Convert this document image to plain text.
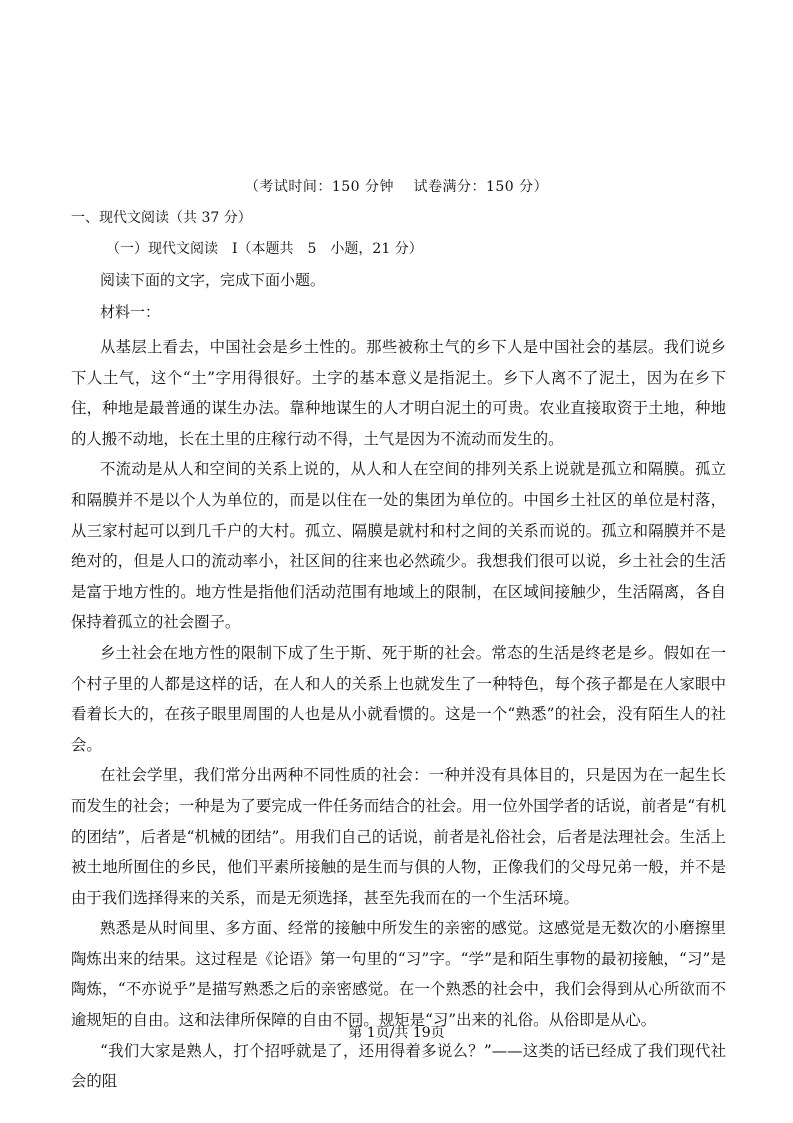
（考试时间：150 分钟　 试卷满分：150 分）
一、现代文阅读（共 37 分）
（一）现代文阅读　Ⅰ（本题共　5　小题，21 分）
阅读下面的文字，完成下面小题。
材料一：

从基层上看去，中国社会是乡土性的。那些被称土气的乡下人是中国社会的基层。我们说乡下人土气，这个“土”字用得很好。土字的基本意义是指泥土。乡下人离不了泥土，因为在乡下住，种地是最普通的谋生办法。靠种地谋生的人才明白泥土的可贵。农业直接取资于土地，种地的人搬不动地，长在土里的庄稼行动不得，土气是因为不流动而发生的。

不流动是从人和空间的关系上说的，从人和人在空间的排列关系上说就是孤立和隔膜。孤立和隔膜并不是以个人为单位的，而是以住在一处的集团为单位的。中国乡土社区的单位是村落，从三家村起可以到几千户的大村。孤立、隔膜是就村和村之间的关系而说的。孤立和隔膜并不是绝对的，但是人口的流动率小，社区间的往来也必然疏少。我想我们很可以说，乡土社会的生活是富于地方性的。地方性是指他们活动范围有地域上的限制，在区域间接触少，生活隔离，各自保持着孤立的社会圈子。

乡土社会在地方性的限制下成了生于斯、死于斯的社会。常态的生活是终老是乡。假如在一个村子里的人都是这样的话，在人和人的关系上也就发生了一种特色，每个孩子都是在人家眼中看着长大的，在孩子眼里周围的人也是从小就看惯的。这是一个“熟悉”的社会，没有陌生人的社会。

在社会学里，我们常分出两种不同性质的社会：一种并没有具体目的，只是因为在一起生长而发生的社会；一种是为了要完成一件任务而结合的社会。用一位外国学者的话说，前者是“有机的团结”，后者是“机械的团结”。用我们自己的话说，前者是礼俗社会，后者是法理社会。生活上被土地所囿住的乡民，他们平素所接触的是生而与俱的人物，正像我们的父母兄弟一般，并不是由于我们选择得来的关系，而是无须选择，甚至先我而在的一个生活环境。

熟悉是从时间里、多方面、经常的接触中所发生的亲密的感觉。这感觉是无数次的小磨擦里陶炼出来的结果。这过程是《论语》第一句里的“习”字。“学”是和陌生事物的最初接触，“习”是陶炼，“不亦说乎”是描写熟悉之后的亲密感觉。在一个熟悉的社会中，我们会得到从心所欲而不逾规矩的自由。这和法律所保障的自由不同。规矩是“习”出来的礼俗。从俗即是从心。

“我们大家是熟人，打个招呼就是了，还用得着多说么？”——这类的话已经成了我们现代社会的阻

第 1页/共 19页
